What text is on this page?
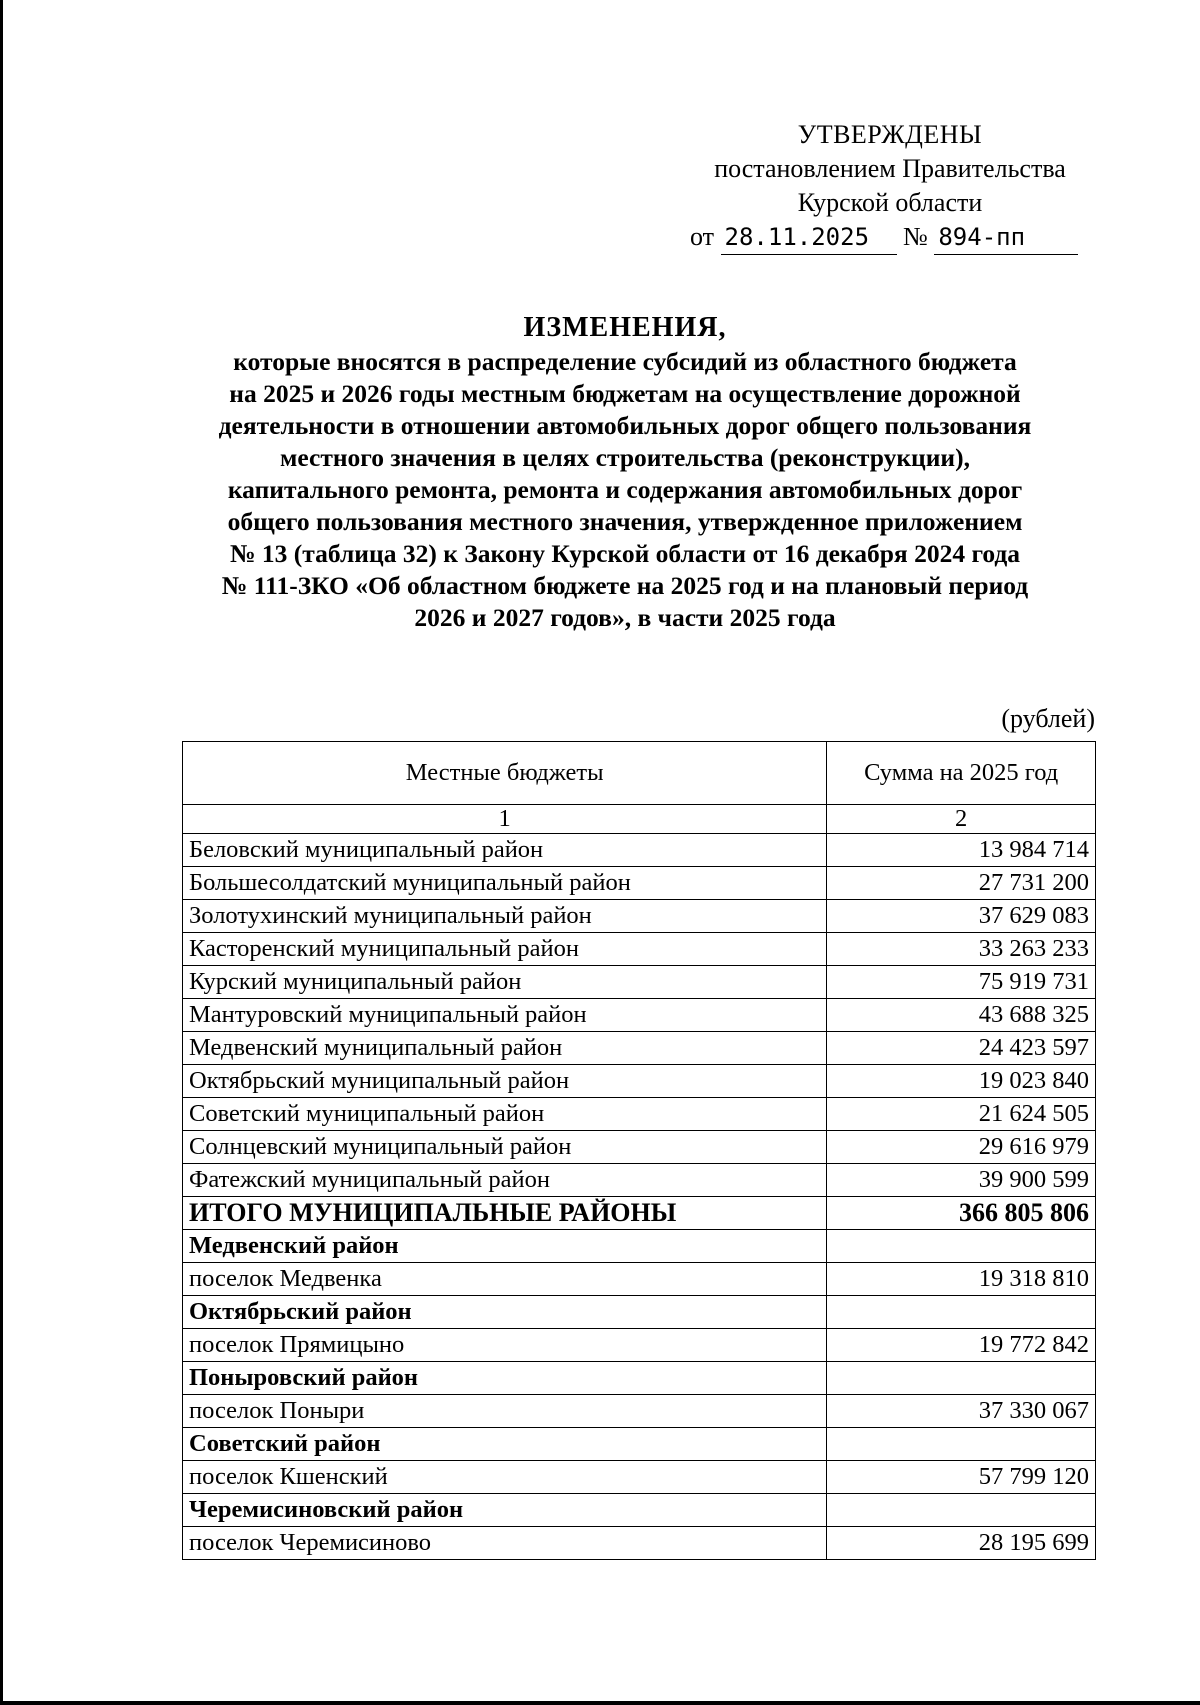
УТВЕРЖДЕНЫ
постановлением Правительства
Курской области
от 28.11.2025 № 894-пп
ИЗМЕНЕНИЯ,
которые вносятся в распределение субсидий из областного бюджета
на 2025 и 2026 годы местным бюджетам на осуществление дорожной
деятельности в отношении автомобильных дорог общего пользования
местного значения в целях строительства (реконструкции),
капитального ремонта, ремонта и содержания автомобильных дорог
общего пользования местного значения, утвержденное приложением
№ 13 (таблица 32) к Закону Курской области от 16 декабря 2024 года
№ 111-ЗКО «Об областном бюджете на 2025 год и на плановый период
2026 и 2027 годов», в части 2025 года
(рублей)
Местные бюджеты	Сумма на 2025 год
1	2
Беловский муниципальный район	13 984 714
Большесолдатский муниципальный район	27 731 200
Золотухинский муниципальный район	37 629 083
Касторенский муниципальный район	33 263 233
Курский муниципальный район	75 919 731
Мантуровский муниципальный район	43 688 325
Медвенский муниципальный район	24 423 597
Октябрьский муниципальный район	19 023 840
Советский муниципальный район	21 624 505
Солнцевский муниципальный район	29 616 979
Фатежский муниципальный район	39 900 599
ИТОГО МУНИЦИПАЛЬНЫЕ РАЙОНЫ	366 805 806
Медвенский район	
поселок Медвенка	19 318 810
Октябрьский район	
поселок Прямицыно	19 772 842
Поныровский район	
поселок Поныри	37 330 067
Советский район	
поселок Кшенский	57 799 120
Черемисиновский район	
поселок Черемисиново	28 195 699
